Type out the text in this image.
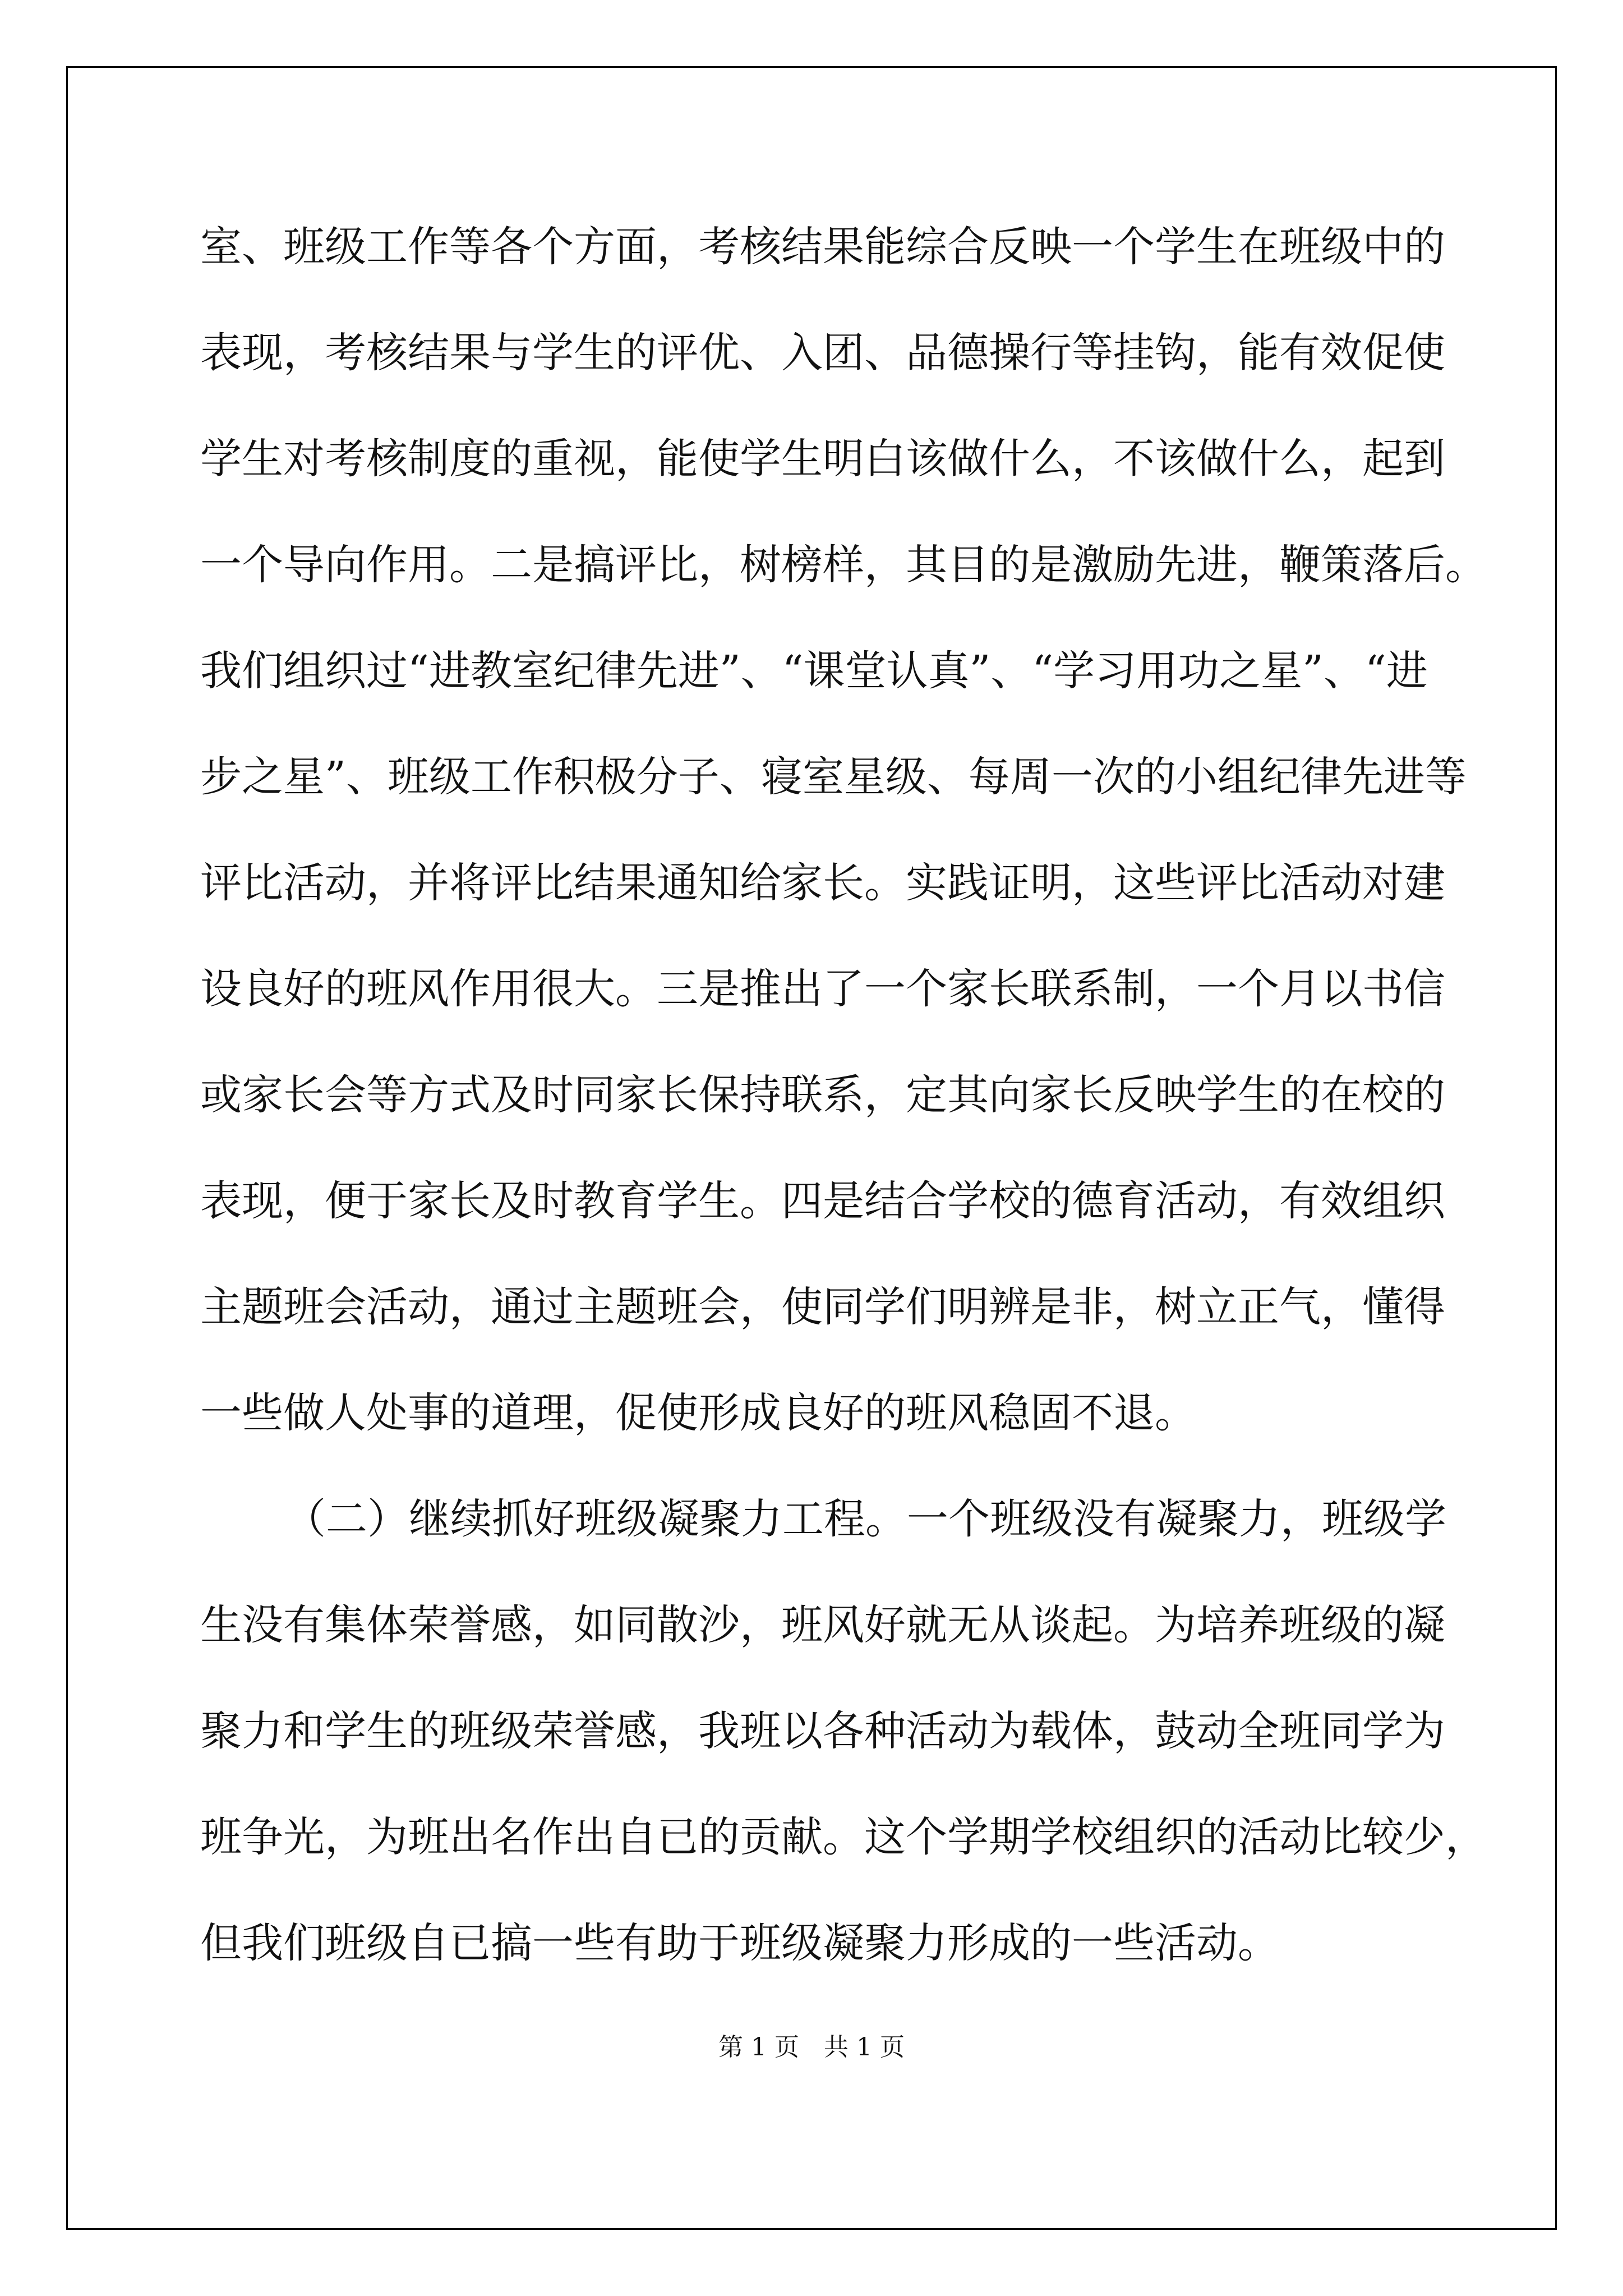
室、班级工作等各个方面，考核结果能综合反映一个学生在班级中的
表现，考核结果与学生的评优、入团、品德操行等挂钩，能有效促使
学生对考核制度的重视，能使学生明白该做什么，不该做什么，起到
一个导向作用。二是搞评比，树榜样，其目的是激励先进，鞭策落后。
我们组织过“进教室纪律先进”、“课堂认真”、“学习用功之星”、“进
步之星”、班级工作积极分子、寝室星级、每周一次的小组纪律先进等
评比活动，并将评比结果通知给家长。实践证明，这些评比活动对建
设良好的班风作用很大。三是推出了一个家长联系制，一个月以书信
或家长会等方式及时同家长保持联系，定其向家长反映学生的在校的
表现，便于家长及时教育学生。四是结合学校的德育活动，有效组织
主题班会活动，通过主题班会，使同学们明辨是非，树立正气，懂得
一些做人处事的道理，促使形成良好的班风稳固不退。
（二）继续抓好班级凝聚力工程。一个班级没有凝聚力，班级学
生没有集体荣誉感，如同散沙，班风好就无从谈起。为培养班级的凝
聚力和学生的班级荣誉感，我班以各种活动为载体，鼓动全班同学为
班争光，为班出名作出自已的贡献。这个学期学校组织的活动比较少，
但我们班级自已搞一些有助于班级凝聚力形成的一些活动。
第 1 页　共 1 页
